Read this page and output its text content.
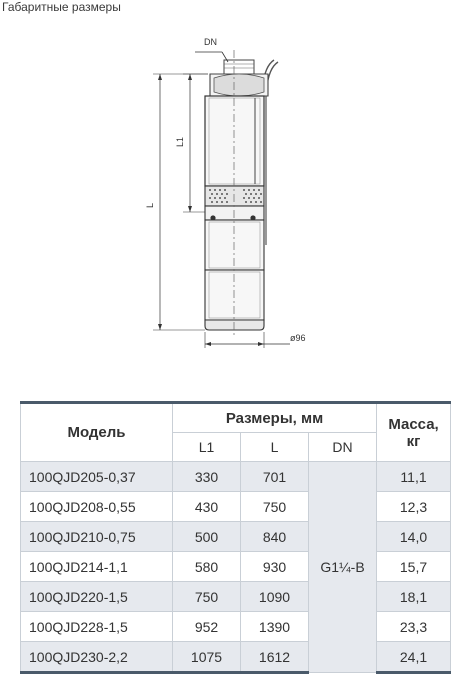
Габаритные размеры
DN
L1
L
ø96
Модель	Размеры, мм			Масса,
кг
	L1	L	DN	
100QJD205-0,37	330	701	G1¼-B	11,1
100QJD208-0,55	430	750		12,3
100QJD210-0,75	500	840		14,0
100QJD214-1,1	580	930		15,7
100QJD220-1,5	750	1090		18,1
100QJD228-1,5	952	1390		23,3
100QJD230-2,2	1075	1612		24,1
